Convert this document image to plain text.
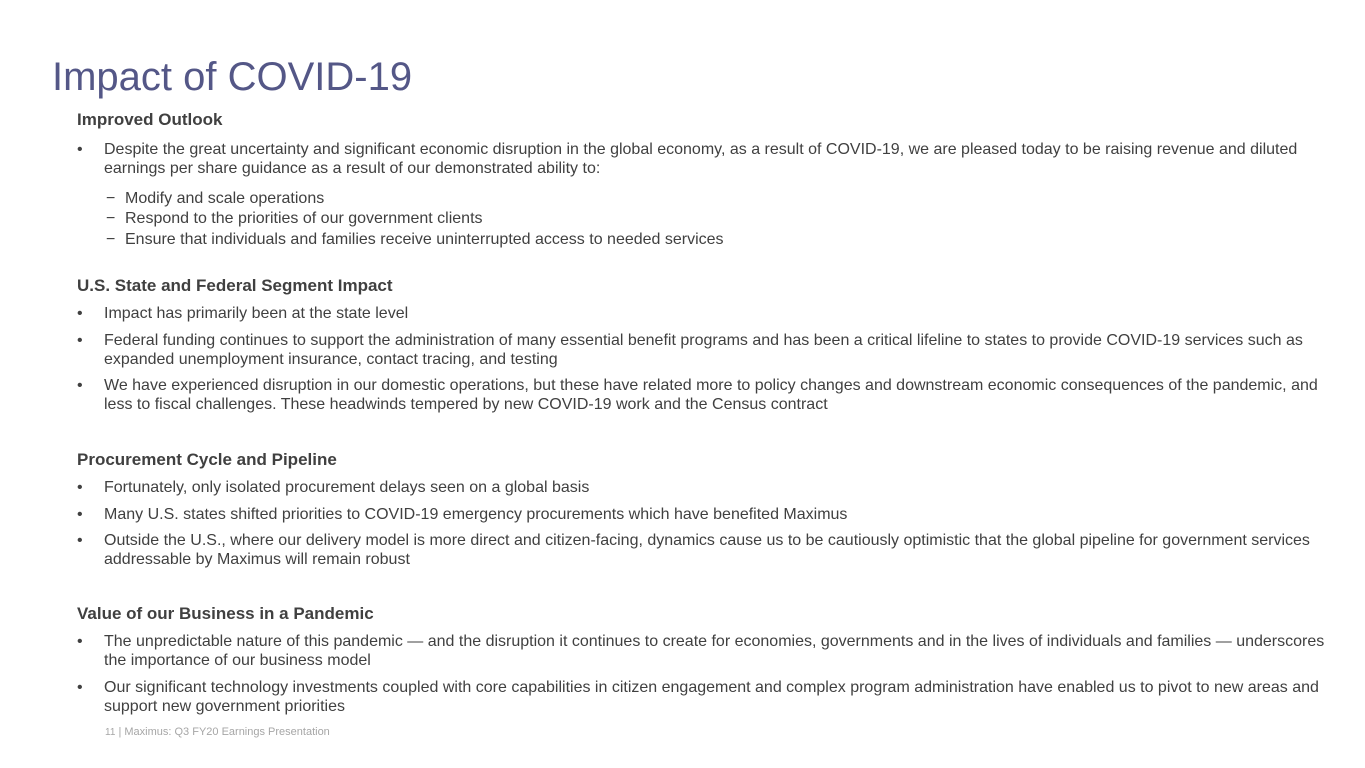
Impact of COVID-19
Improved Outlook
• Despite the great uncertainty and significant economic disruption in the global economy, as a result of COVID-19, we are pleased today to be raising revenue and diluted earnings per share guidance as a result of our demonstrated ability to:
− Modify and scale operations
− Respond to the priorities of our government clients
− Ensure that individuals and families receive uninterrupted access to needed services
U.S. State and Federal Segment Impact
• Impact has primarily been at the state level
• Federal funding continues to support the administration of many essential benefit programs and has been a critical lifeline to states to provide COVID-19 services such as expanded unemployment insurance, contact tracing, and testing
• We have experienced disruption in our domestic operations, but these have related more to policy changes and downstream economic consequences of the pandemic, and less to fiscal challenges. These headwinds tempered by new COVID-19 work and the Census contract
Procurement Cycle and Pipeline
• Fortunately, only isolated procurement delays seen on a global basis
• Many U.S. states shifted priorities to COVID-19 emergency procurements which have benefited Maximus
• Outside the U.S., where our delivery model is more direct and citizen-facing, dynamics cause us to be cautiously optimistic that the global pipeline for government services addressable by Maximus will remain robust
Value of our Business in a Pandemic
• The unpredictable nature of this pandemic — and the disruption it continues to create for economies, governments and in the lives of individuals and families — underscores the importance of our business model
• Our significant technology investments coupled with core capabilities in citizen engagement and complex program administration have enabled us to pivot to new areas and support new government priorities
11 | Maximus: Q3 FY20 Earnings Presentation
